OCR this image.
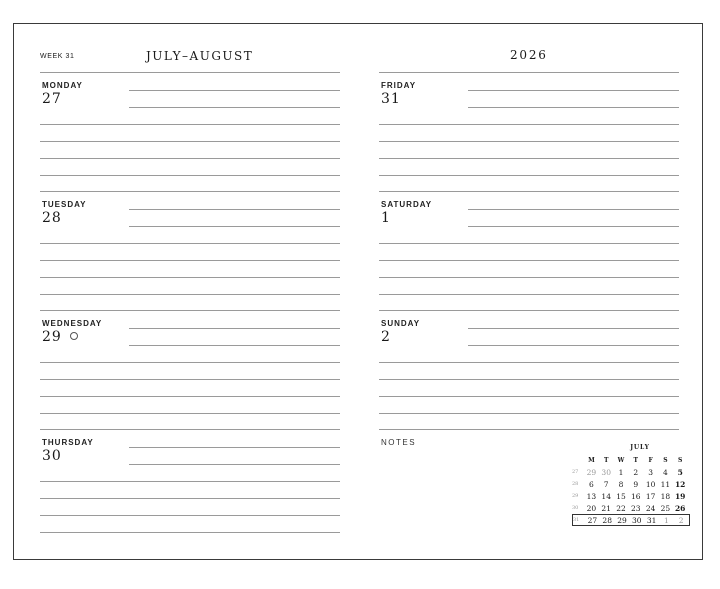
WEEK 31	JULY–AUGUST	2026
MONDAY
27
TUESDAY
28
WEDNESDAY
29
THURSDAY
30
FRIDAY
31
SATURDAY
1
SUNDAY
2
NOTES
JULY
M	T	W	T	F	S	S
27	29 30	1	2	3	4	5
28	6	7	8	9	10 11 12
29	13 14 15 16 17 18 19
30	20 21 22 23 24 25 26
31	27 28 29 30 31	1	2
